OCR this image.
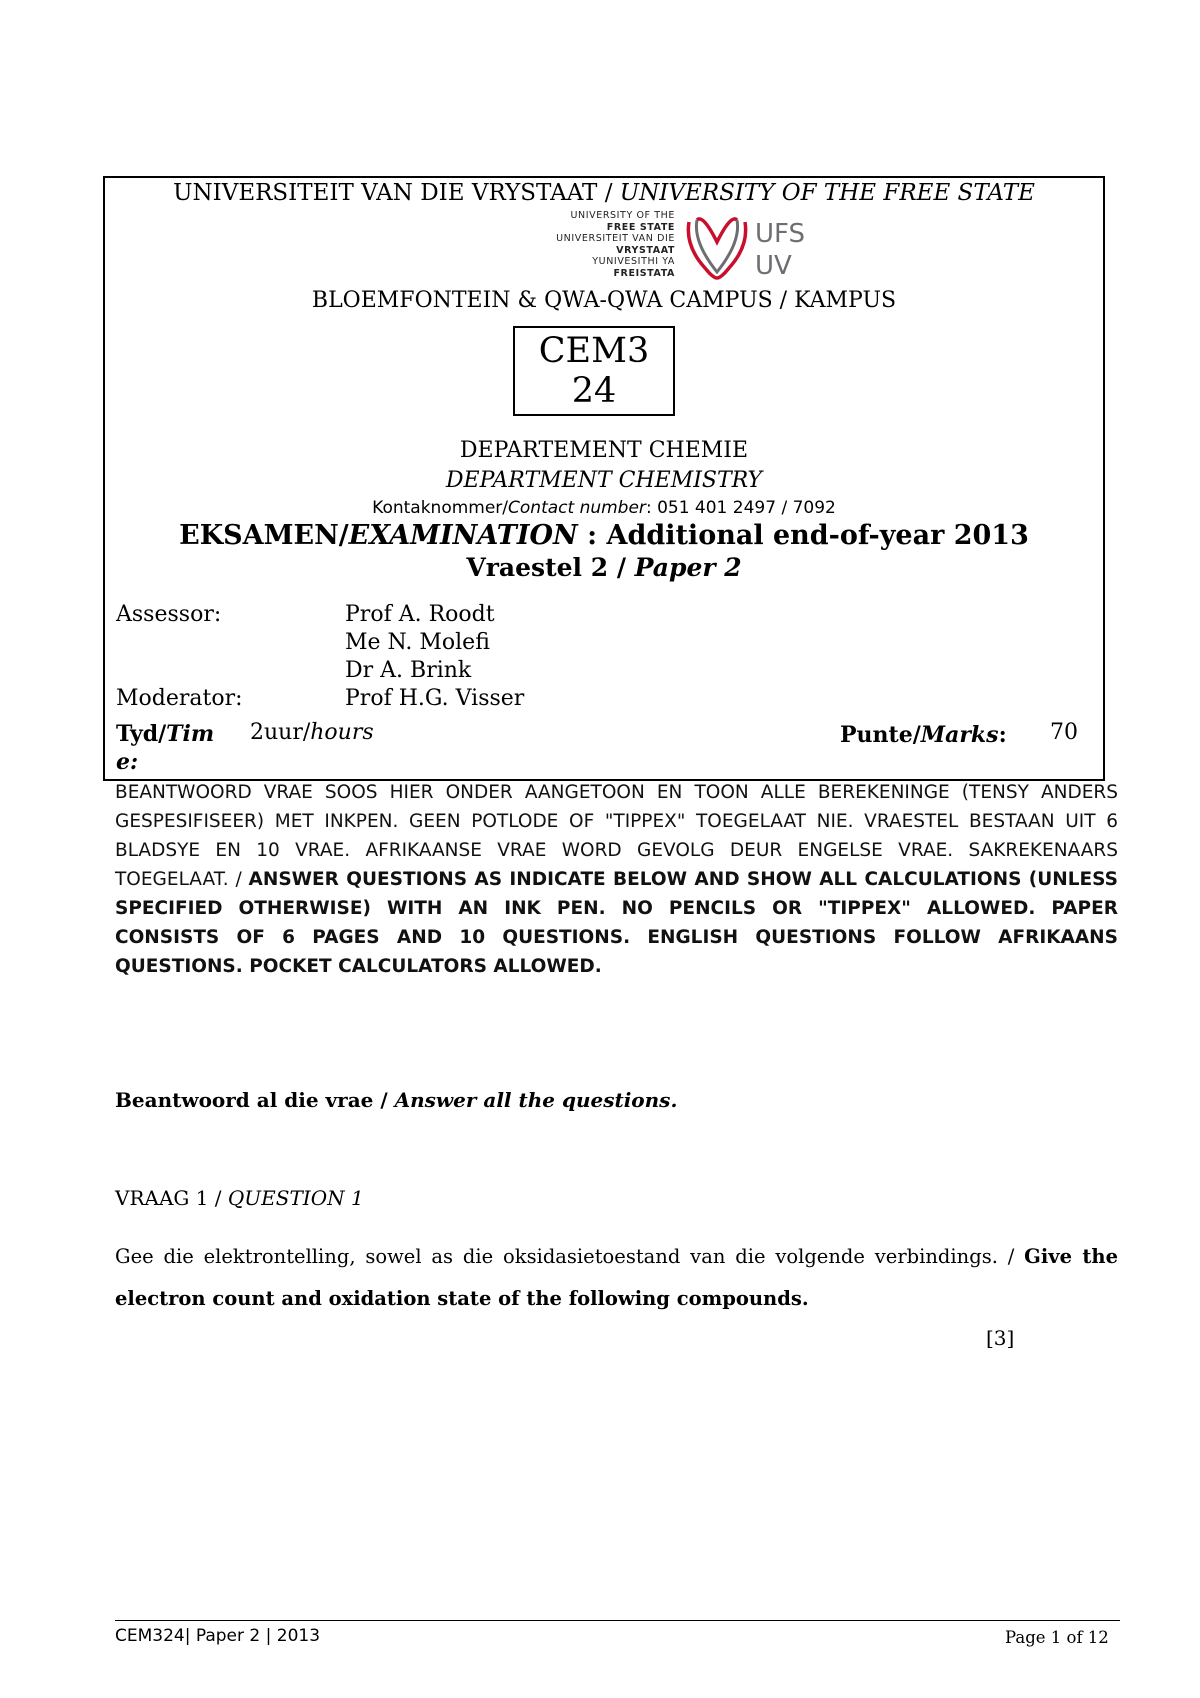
UNIVERSITEIT VAN DIE VRYSTAAT / UNIVERSITY OF THE FREE STATE
UNIVERSITY OF THE
FREE STATE
UNIVERSITEIT VAN DIE
VRYSTAAT
YUNIVESITHI YA
FREISTATA
UFS
UV
BLOEMFONTEIN & QWA-QWA CAMPUS / KAMPUS
CEM3
24
DEPARTEMENT CHEMIE
DEPARTMENT CHEMISTRY
Kontaknommer/Contact number: 051 401 2497 / 7092
EKSAMEN/EXAMINATION : Additional end-of-year 2013
Vraestel 2 / Paper 2
Assessor:	Prof A. Roodt
Me N. Molefi
Dr A. Brink
Moderator:	Prof H.G. Visser
Tyd/Tim
e:
2uur/hours	Punte/Marks: 70

BEANTWOORD VRAE SOOS HIER ONDER AANGETOON EN TOON ALLE BEREKENINGE (TENSY ANDERS GESPESIFISEER) MET INKPEN. GEEN POTLODE OF "TIPPEX" TOEGELAAT NIE. VRAESTEL BESTAAN UIT 6 BLADSYE EN 10 VRAE. AFRIKAANSE VRAE WORD GEVOLG DEUR ENGELSE VRAE. SAKREKENAARS TOEGELAAT. / ANSWER QUESTIONS AS INDICATE BELOW AND SHOW ALL CALCULATIONS (UNLESS SPECIFIED OTHERWISE) WITH AN INK PEN. NO PENCILS OR "TIPPEX" ALLOWED. PAPER CONSISTS OF 6 PAGES AND 10 QUESTIONS. ENGLISH QUESTIONS FOLLOW AFRIKAANS QUESTIONS. POCKET CALCULATORS ALLOWED.

Beantwoord al die vrae / Answer all the questions.
VRAAG 1 / QUESTION 1

Gee die elektrontelling, sowel as die oksidasietoestand van die volgende verbindings. / Give the electron count and oxidation state of the following compounds.

[3]
CEM324| Paper 2 | 2013	Page 1 of 12
